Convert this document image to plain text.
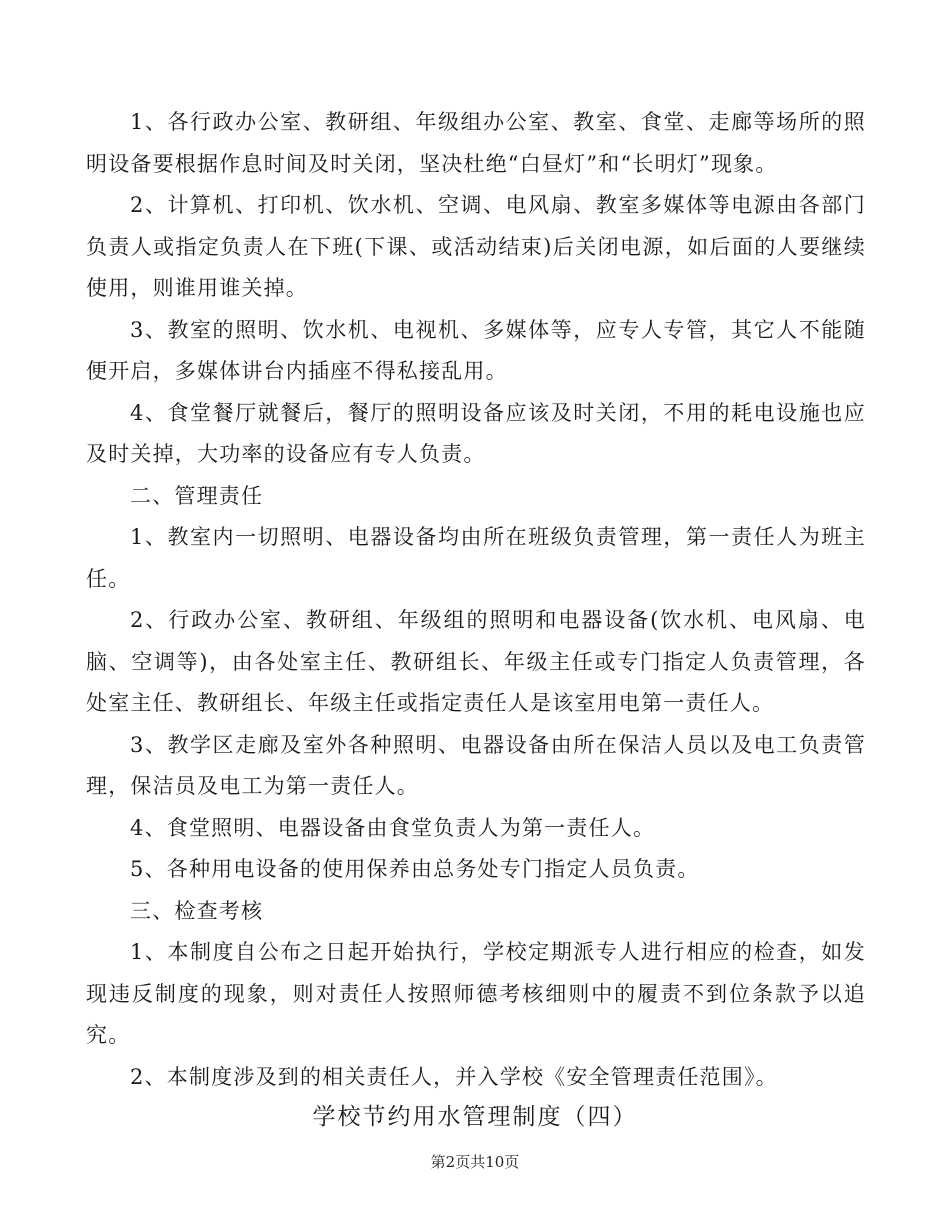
1、各行政办公室、教研组、年级组办公室、教室、食堂、走廊等场所的照明设备要根据作息时间及时关闭，坚决杜绝“白昼灯”和“长明灯”现象。

2、计算机、打印机、饮水机、空调、电风扇、教室多媒体等电源由各部门负责人或指定负责人在下班(下课、或活动结束)后关闭电源，如后面的人要继续使用，则谁用谁关掉。

3、教室的照明、饮水机、电视机、多媒体等，应专人专管，其它人不能随便开启，多媒体讲台内插座不得私接乱用。

4、食堂餐厅就餐后，餐厅的照明设备应该及时关闭，不用的耗电设施也应及时关掉，大功率的设备应有专人负责。

二、管理责任

1、教室内一切照明、电器设备均由所在班级负责管理，第一责任人为班主任。

2、行政办公室、教研组、年级组的照明和电器设备(饮水机、电风扇、电脑、空调等)，由各处室主任、教研组长、年级主任或专门指定人负责管理，各处室主任、教研组长、年级主任或指定责任人是该室用电第一责任人。

3、教学区走廊及室外各种照明、电器设备由所在保洁人员以及电工负责管理，保洁员及电工为第一责任人。

4、食堂照明、电器设备由食堂负责人为第一责任人。

5、各种用电设备的使用保养由总务处专门指定人员负责。

三、检查考核

1、本制度自公布之日起开始执行，学校定期派专人进行相应的检查，如发现违反制度的现象，则对责任人按照师德考核细则中的履责不到位条款予以追究。

2、本制度涉及到的相关责任人，并入学校《安全管理责任范围》。

学校节约用水管理制度（四）
第2页共10页
